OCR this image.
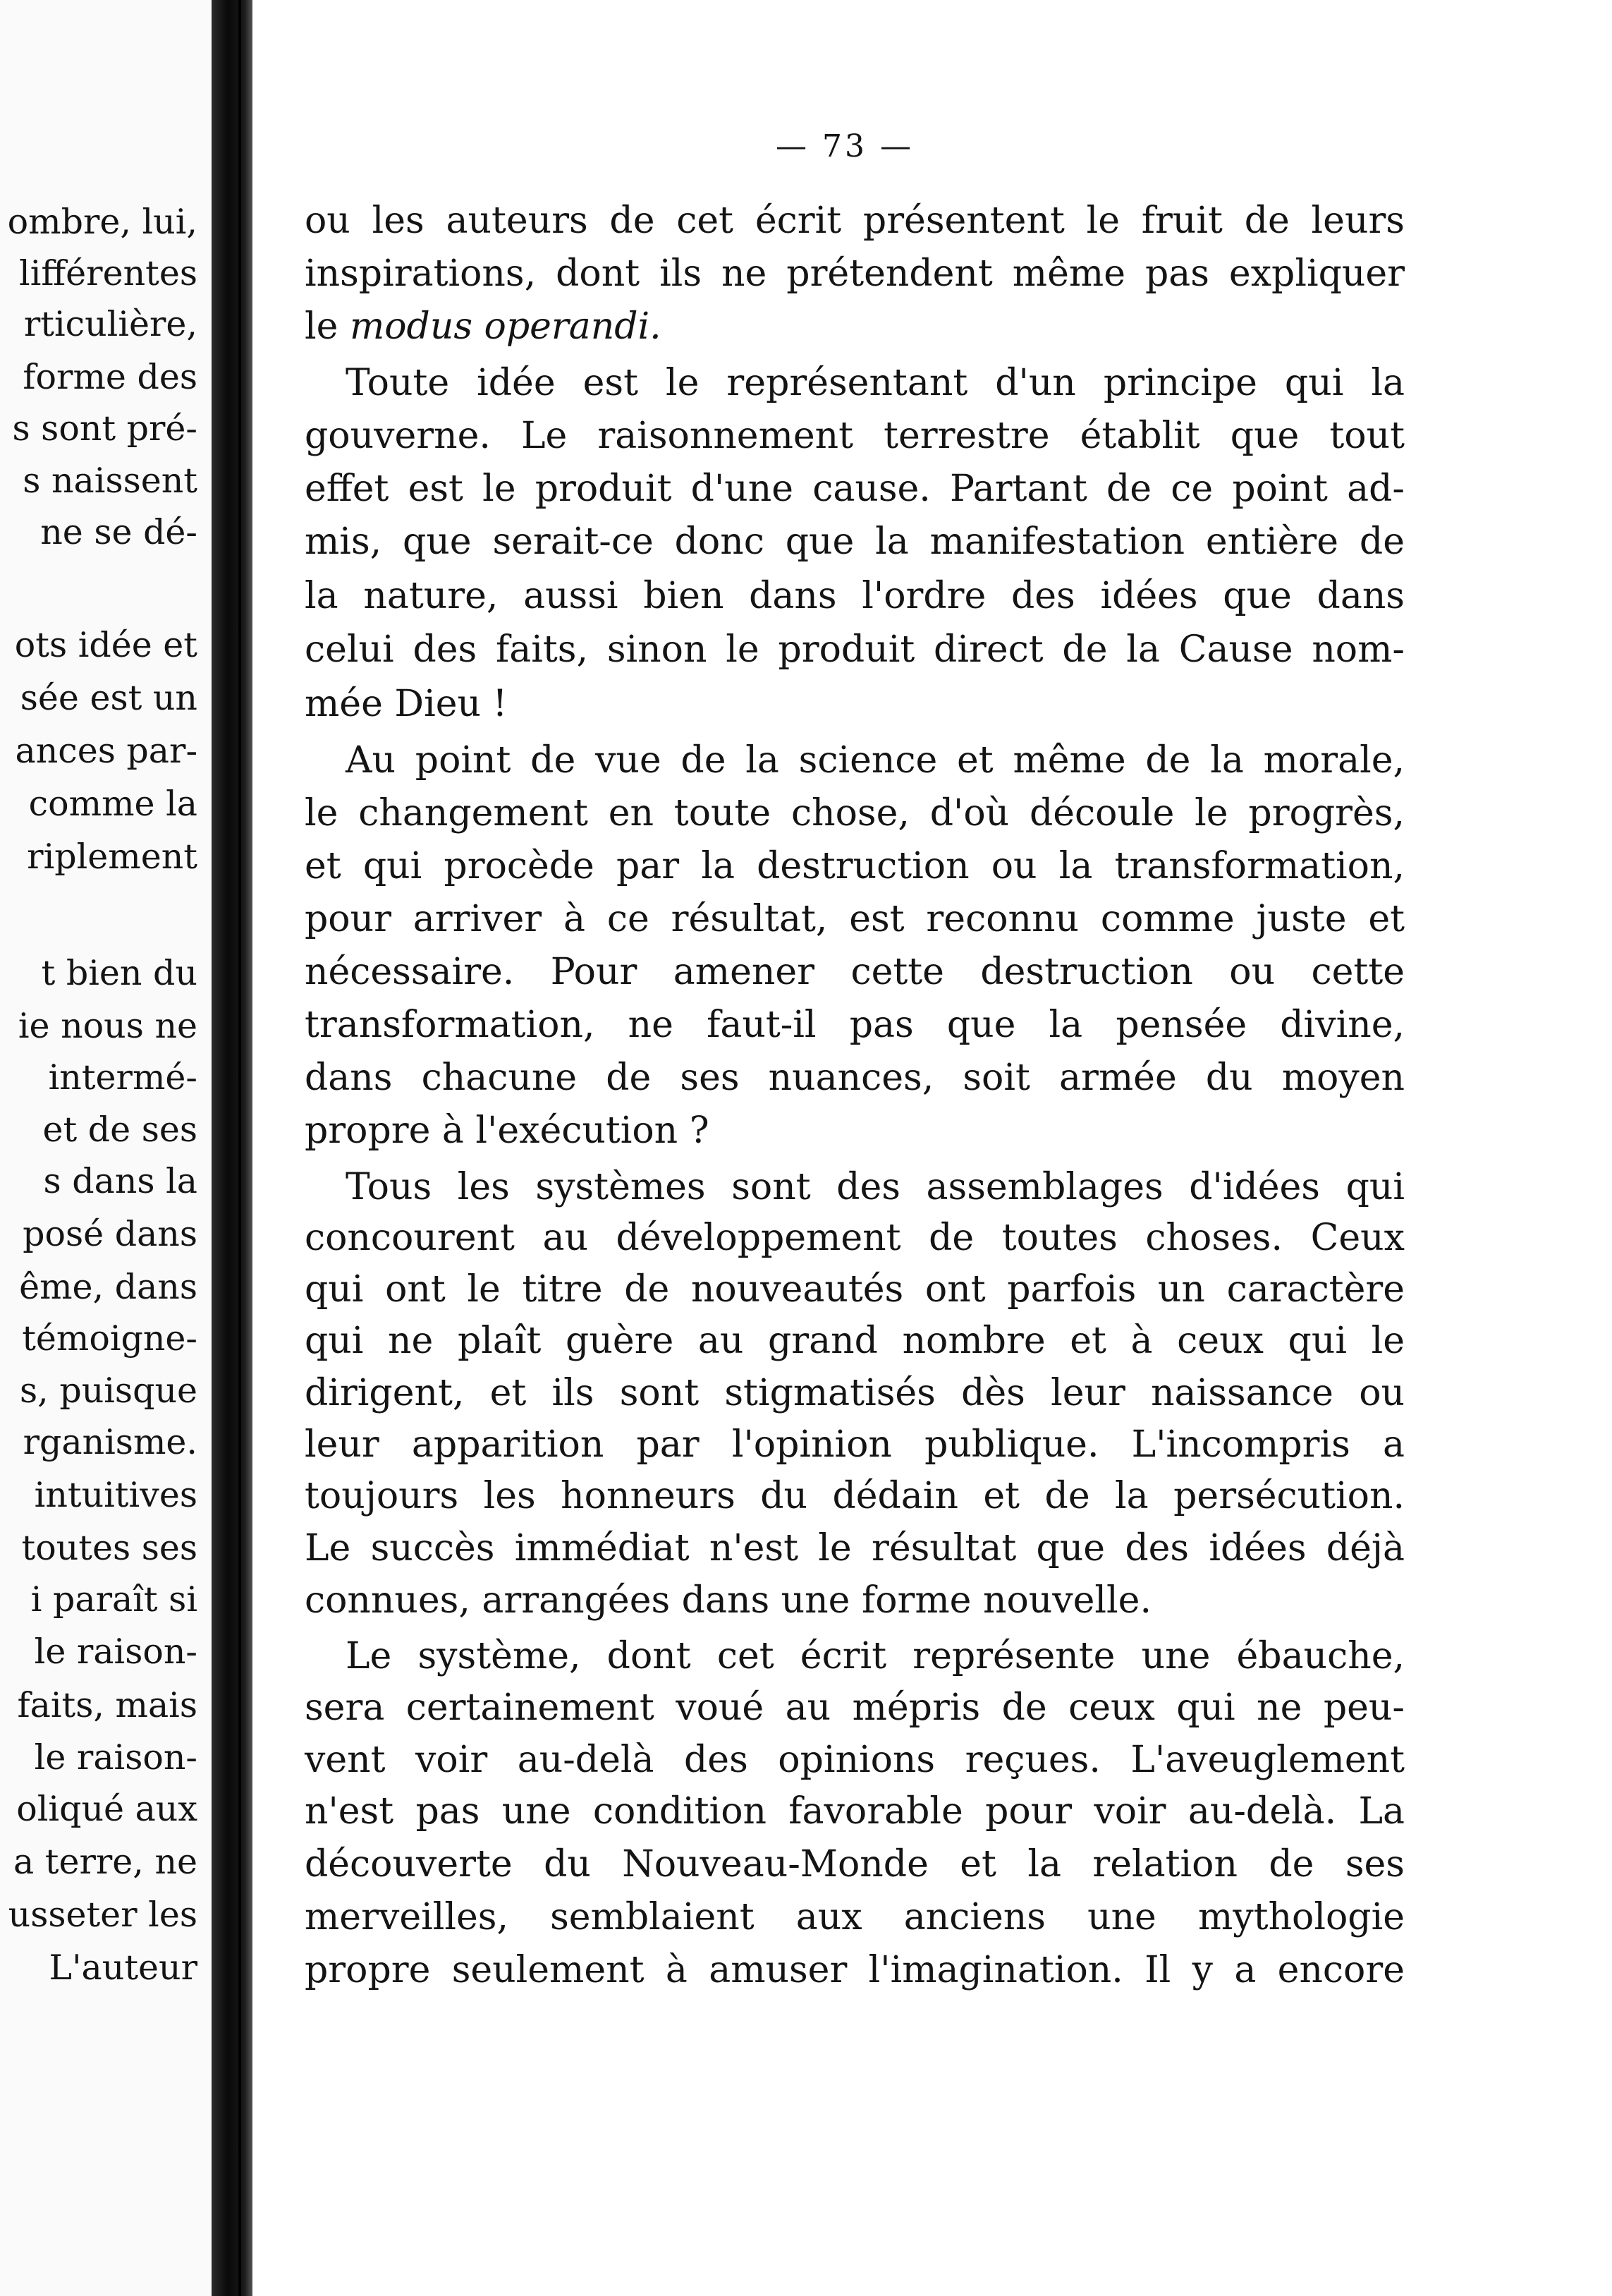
ombre, lui,
lifférentes
rticulière,
forme des
s sont pré-
s naissent
ne se dé-
ots idée et
sée est un
ances par-
comme la
riplement
t bien du
ie nous ne
intermé-
et de ses
s dans la
posé dans
ême, dans
témoigne-
s, puisque
rganisme.
intuitives
toutes ses
i paraît si
le raison-
faits, mais
le raison-
oliqué aux
a terre, ne
usseter les
L'auteur
— 73 —
ou les auteurs de cet écrit présentent le fruit de leurs
inspirations, dont ils ne prétendent même pas expliquer
le modus operandi.
Toute idée est le représentant d'un principe qui la
gouverne. Le raisonnement terrestre établit que tout
effet est le produit d'une cause. Partant de ce point ad-
mis, que serait-ce donc que la manifestation entière de
la nature, aussi bien dans l'ordre des idées que dans
celui des faits, sinon le produit direct de la Cause nom-
mée Dieu !
Au point de vue de la science et même de la morale,
le changement en toute chose, d'où découle le progrès,
et qui procède par la destruction ou la transformation,
pour arriver à ce résultat, est reconnu comme juste et
nécessaire. Pour amener cette destruction ou cette
transformation, ne faut-il pas que la pensée divine,
dans chacune de ses nuances, soit armée du moyen
propre à l'exécution ?
Tous les systèmes sont des assemblages d'idées qui
concourent au développement de toutes choses. Ceux
qui ont le titre de nouveautés ont parfois un caractère
qui ne plaît guère au grand nombre et à ceux qui le
dirigent, et ils sont stigmatisés dès leur naissance ou
leur apparition par l'opinion publique. L'incompris a
toujours les honneurs du dédain et de la persécution.
Le succès immédiat n'est le résultat que des idées déjà
connues, arrangées dans une forme nouvelle.
Le système, dont cet écrit représente une ébauche,
sera certainement voué au mépris de ceux qui ne peu-
vent voir au-delà des opinions reçues. L'aveuglement
n'est pas une condition favorable pour voir au-delà. La
découverte du Nouveau-Monde et la relation de ses
merveilles, semblaient aux anciens une mythologie
propre seulement à amuser l'imagination. Il y a encore
